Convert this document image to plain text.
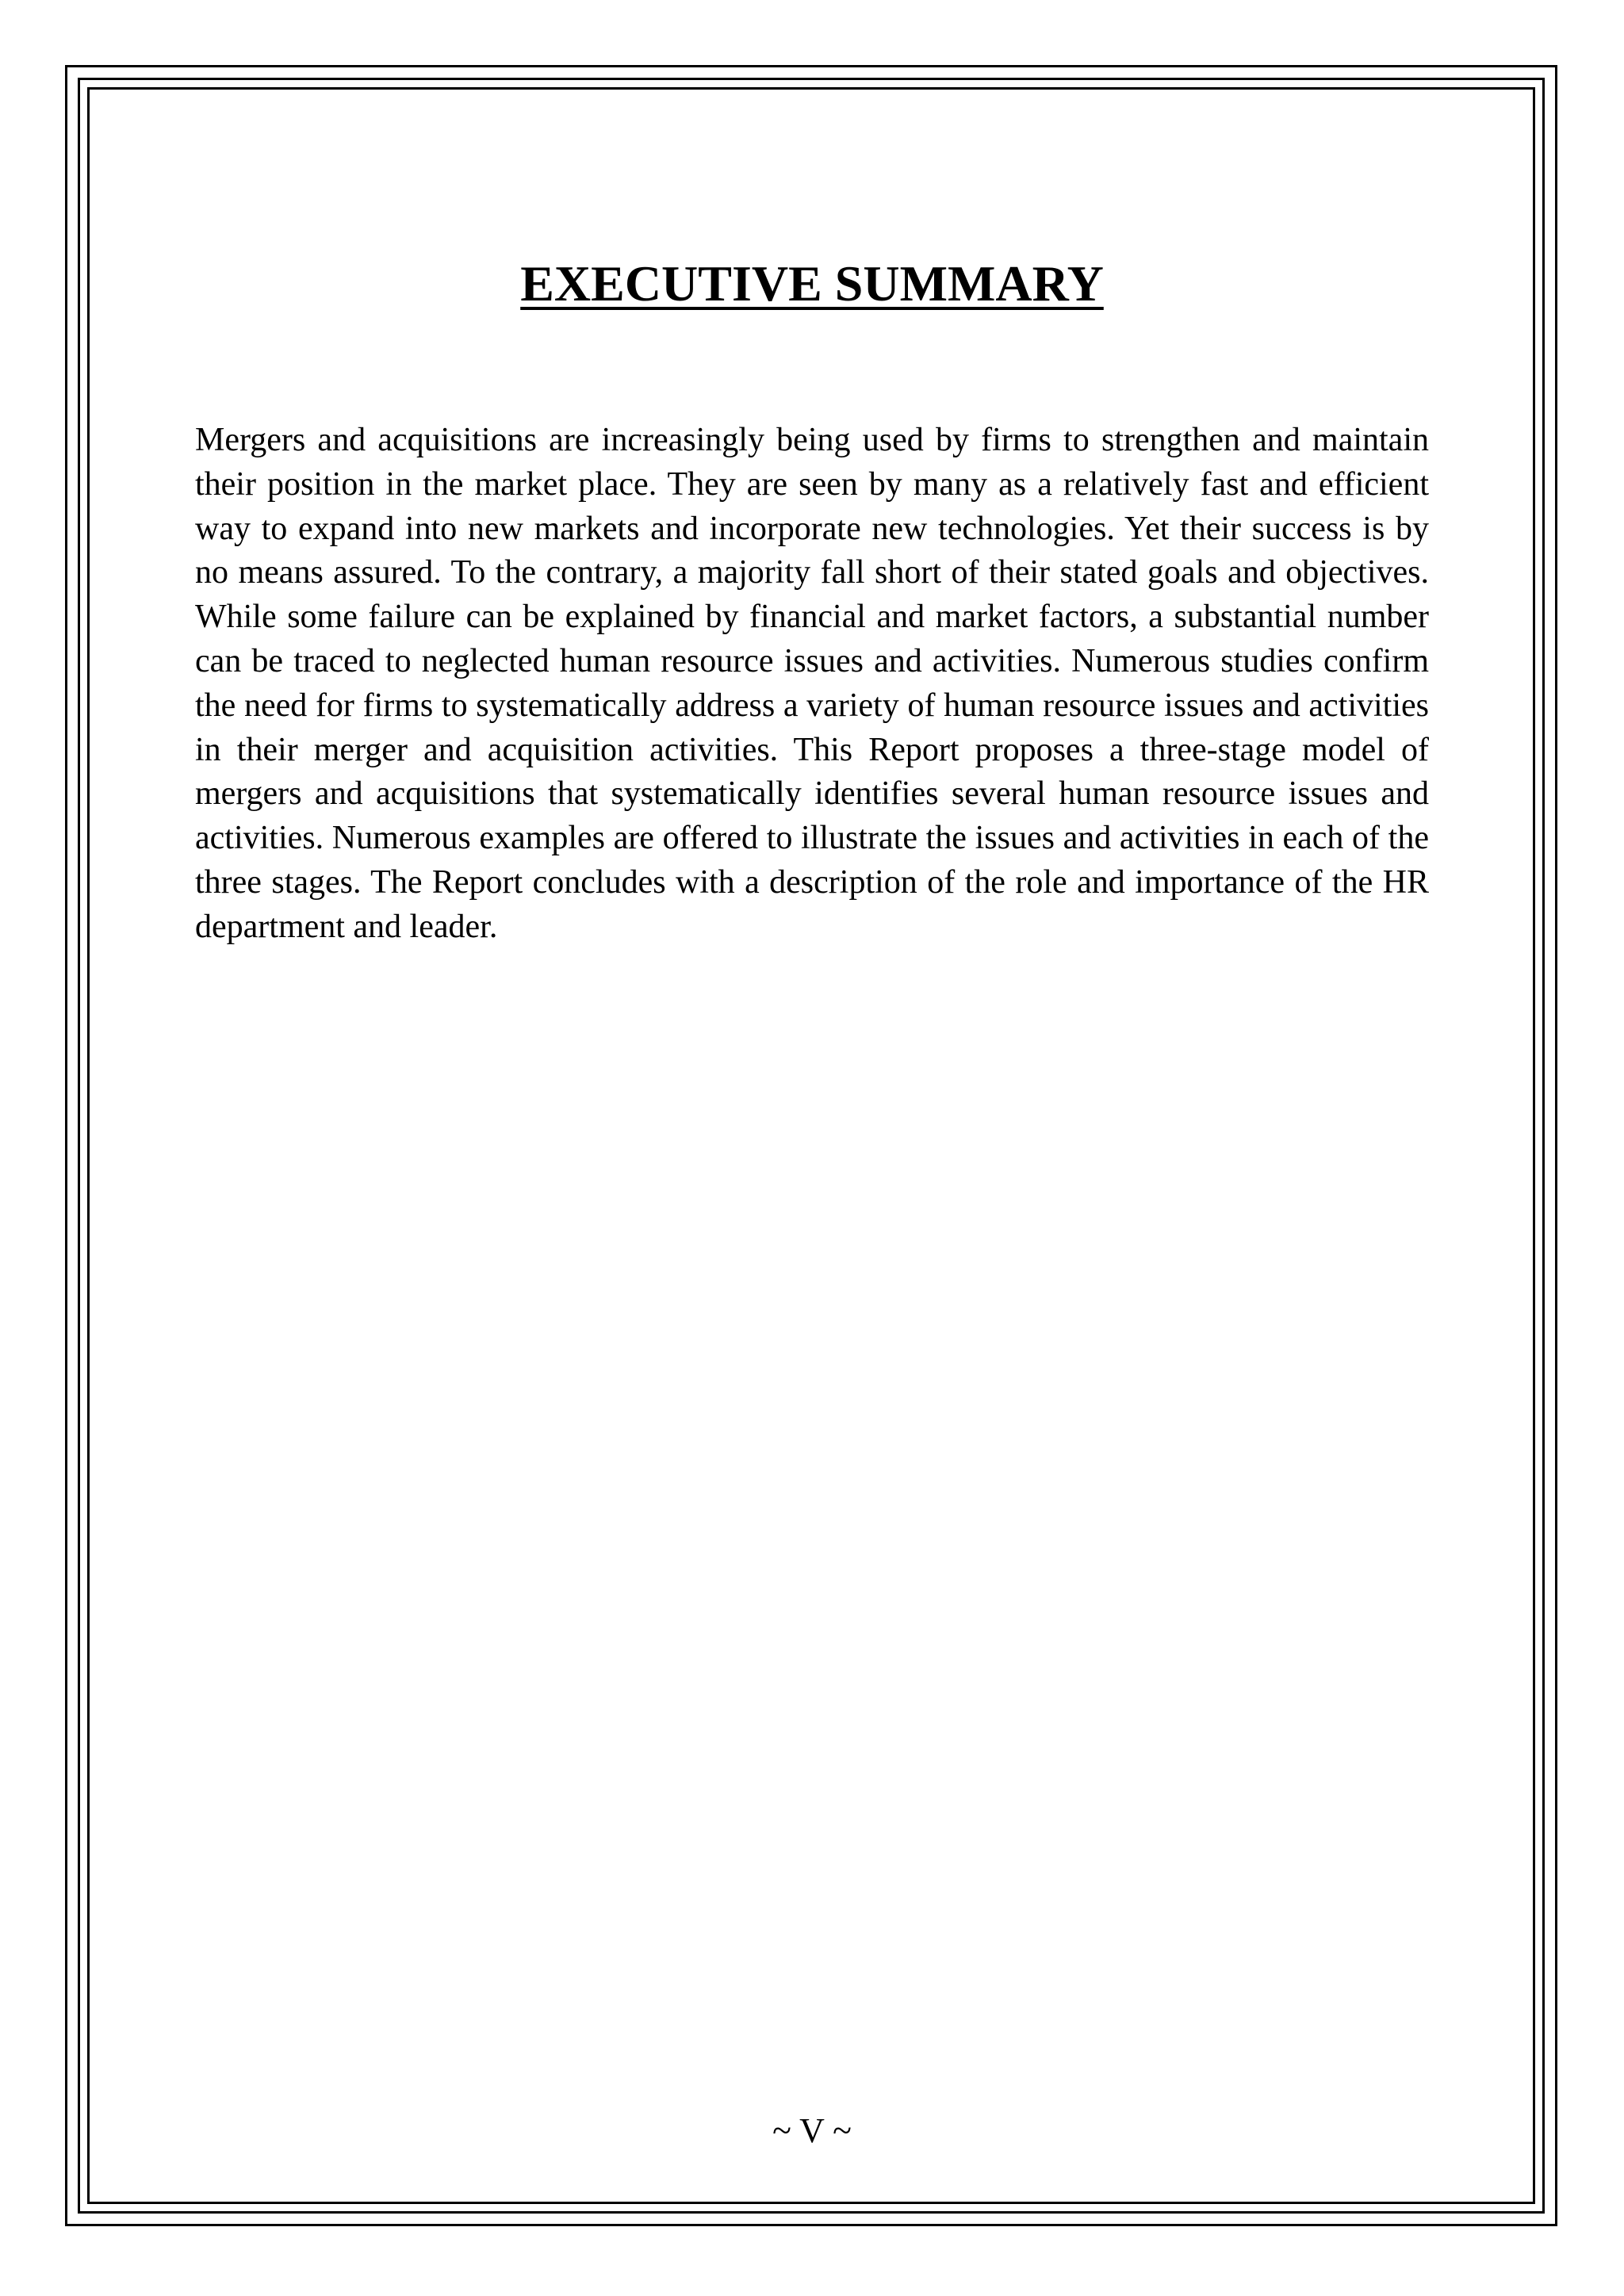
EXECUTIVE SUMMARY

Mergers and acquisitions are increasingly being used by firms to strengthen and maintain their position in the market place. They are seen by many as a relatively fast and efficient way to expand into new markets and incorporate new technologies. Yet their success is by no means assured. To the contrary, a majority fall short of their stated goals and objectives. While some failure can be explained by financial and market factors, a substantial number can be traced to neglected human resource issues and activities. Numerous studies confirm the need for firms to systematically address a variety of human resource issues and activities in their merger and acquisition activities. This Report proposes a three-stage model of mergers and acquisitions that systematically identifies several human resource issues and activities. Numerous examples are offered to illustrate the issues and activities in each of the three stages. The Report concludes with a description of the role and importance of the HR department and leader.

~ V ~
